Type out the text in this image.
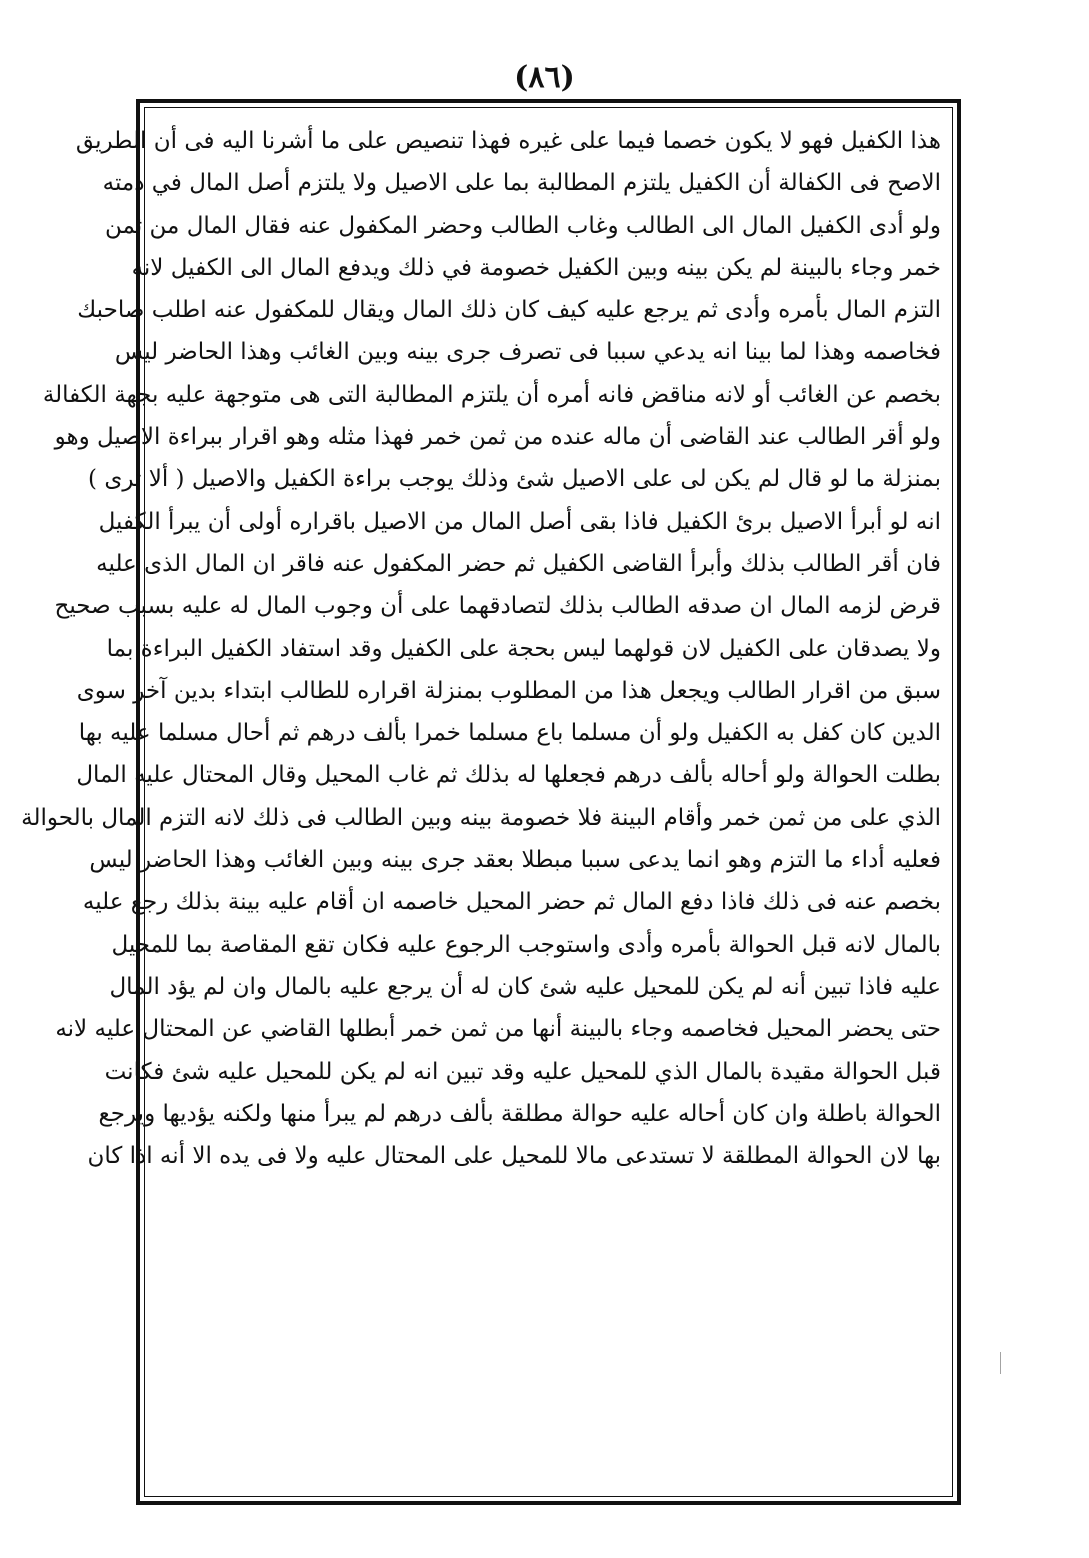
(٨٦)
هذا الكفيل فهو لا يكون خصما فيما على غيره فهذا تنصيص على ما أشرنا اليه فى أن الطريق
الاصح فى الكفالة أن الكفيل يلتزم المطالبة بما على الاصيل ولا يلتزم أصل المال في ذمته
ولو أدى الكفيل المال الى الطالب وغاب الطالب وحضر المكفول عنه فقال المال من ثمن
خمر وجاء بالبينة لم يكن بينه وبين الكفيل خصومة في ذلك ويدفع المال الى الكفيل لانه
التزم المال بأمره وأدى ثم يرجع عليه كيف كان ذلك المال ويقال للمكفول عنه اطلب صاحبك
فخاصمه وهذا لما بينا انه يدعي سببا فى تصرف جرى بينه وبين الغائب وهذا الحاضر ليس
بخصم عن الغائب أو لانه مناقض فانه أمره أن يلتزم المطالبة التى هى متوجهة عليه بجهة الكفالة
ولو أقر الطالب عند القاضى أن ماله عنده من ثمن خمر فهذا مثله وهو اقرار ببراءة الاصيل وهو
بمنزلة ما لو قال لم يكن لى على الاصيل شئ وذلك يوجب براءة الكفيل والاصيل ( ألا ترى )
انه لو أبرأ الاصيل برئ الكفيل فاذا بقى أصل المال من الاصيل باقراره أولى أن يبرأ الكفيل
فان أقر الطالب بذلك وأبرأ القاضى الكفيل ثم حضر المكفول عنه فاقر ان المال الذى عليه
قرض لزمه المال ان صدقه الطالب بذلك لتصادقهما على أن وجوب المال له عليه بسبب صحيح
ولا يصدقان على الكفيل لان قولهما ليس بحجة على الكفيل وقد استفاد الكفيل البراءة بما
سبق من اقرار الطالب ويجعل هذا من المطلوب بمنزلة اقراره للطالب ابتداء بدين آخر سوى
الدين كان كفل به الكفيل ولو أن مسلما باع مسلما خمرا بألف درهم ثم أحال مسلما عليه بها
بطلت الحوالة ولو أحاله بألف درهم فجعلها له بذلك ثم غاب المحيل وقال المحتال عليه المال
الذي على من ثمن خمر وأقام البينة فلا خصومة بينه وبين الطالب فى ذلك لانه التزم المال بالحوالة
فعليه أداء ما التزم وهو انما يدعى سببا مبطلا بعقد جرى بينه وبين الغائب وهذا الحاضر ليس
بخصم عنه فى ذلك فاذا دفع المال ثم حضر المحيل خاصمه ان أقام عليه بينة بذلك رجع عليه
بالمال لانه قبل الحوالة بأمره وأدى واستوجب الرجوع عليه فكان تقع المقاصة بما للمحيل
عليه فاذا تبين أنه لم يكن للمحيل عليه شئ كان له أن يرجع عليه بالمال وان لم يؤد المال
حتى يحضر المحيل فخاصمه وجاء بالبينة أنها من ثمن خمر أبطلها القاضي عن المحتال عليه لانه
قبل الحوالة مقيدة بالمال الذي للمحيل عليه وقد تبين انه لم يكن للمحيل عليه شئ فكانت
الحوالة باطلة وان كان أحاله عليه حوالة مطلقة بألف درهم لم يبرأ منها ولكنه يؤديها ويرجع
بها لان الحوالة المطلقة لا تستدعى مالا للمحيل على المحتال عليه ولا فى يده الا أنه اذا كان
